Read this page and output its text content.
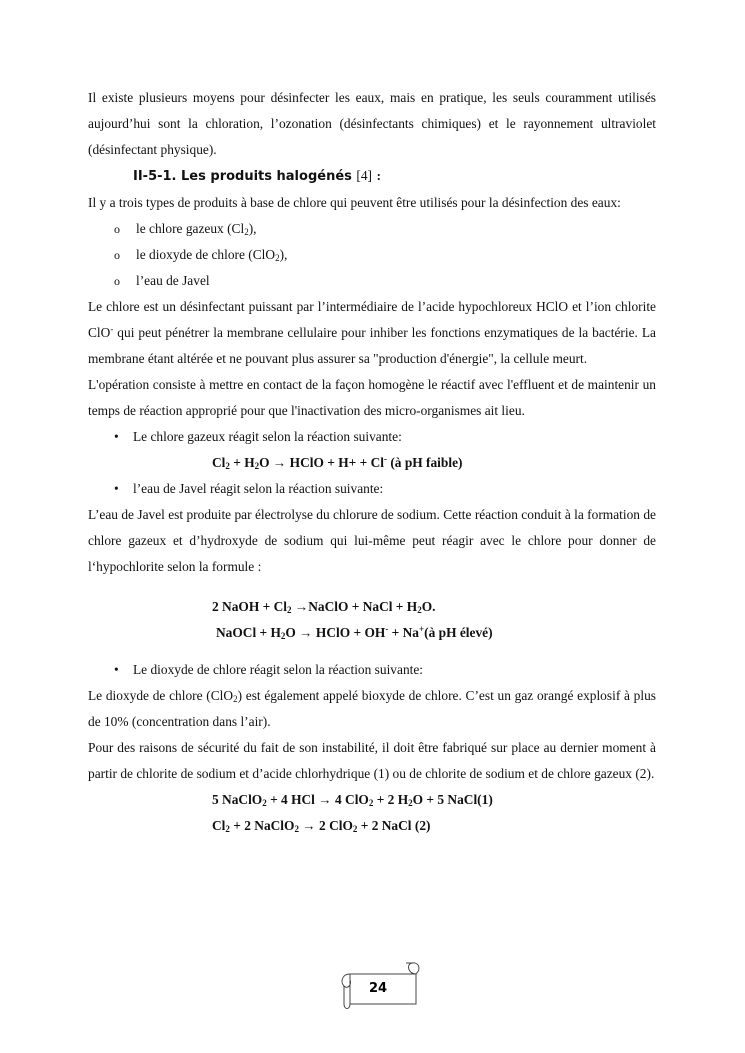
Il existe plusieurs moyens pour désinfecter les eaux, mais en pratique, les seuls couramment utilisés aujourd’hui sont la chloration, l’ozonation (désinfectants chimiques) et le rayonnement ultraviolet (désinfectant physique).

II-5-1. Les produits halogénés [4] :

Il y a trois types de produits à base de chlore qui peuvent être utilisés pour la désinfection des eaux:

o le chlore gazeux $(Cl_2)$,
o le dioxyde de chlore (ClO$_2$),
o l’eau de Javel

Le chlore est un désinfectant puissant par l’intermédiaire de l’acide hypochloreux HClO et l’ion chlorite ClO- qui peut pénétrer la membrane cellulaire pour inhiber les fonctions enzymatiques de la bactérie. La membrane étant altérée et ne pouvant plus assurer sa "production d'énergie", la cellule meurt.

L'opération consiste à mettre en contact de la façon homogène le réactif avec l'effluent et de maintenir un temps de réaction approprié pour que l'inactivation des micro-organismes ait lieu.

• Le chlore gazeux réagit selon la réaction suivante:

$Cl_2 + H_2O$ → HClO + H+ + Cl- (à pH faible)

• l’eau de Javel réagit selon la réaction suivante:

L’eau de Javel est produite par électrolyse du chlorure de sodium. Cette réaction conduit à la formation de chlore gazeux et d’hydroxyde de sodium qui lui-même peut réagir avec le chlore pour donner de l‘hypochlorite selon la formule :

2 NaOH + $Cl_2$ →NaClO + NaCl + $H_2O$.

NaOCl + $H_2O$ → HClO + OH- + Na+(à pH élevé)

• Le dioxyde de chlore réagit selon la réaction suivante:

Le dioxyde de chlore (ClO$_2$) est également appelé bioxyde de chlore. C’est un gaz orangé explosif à plus de 10% (concentration dans l’air).

Pour des raisons de sécurité du fait de son instabilité, il doit être fabriqué sur place au dernier moment à partir de chlorite de sodium et d’acide chlorhydrique (1) ou de chlorite de sodium et de chlore gazeux (2).

5 NaClO$_2$ + 4 HCl → 4 ClO$_2$ + 2 $H_2O + 5$ NaCl(1)

$Cl_2 + 2$ NaClO$_2$ → 2 ClO$_2$ + 2 NaCl (2)

24
